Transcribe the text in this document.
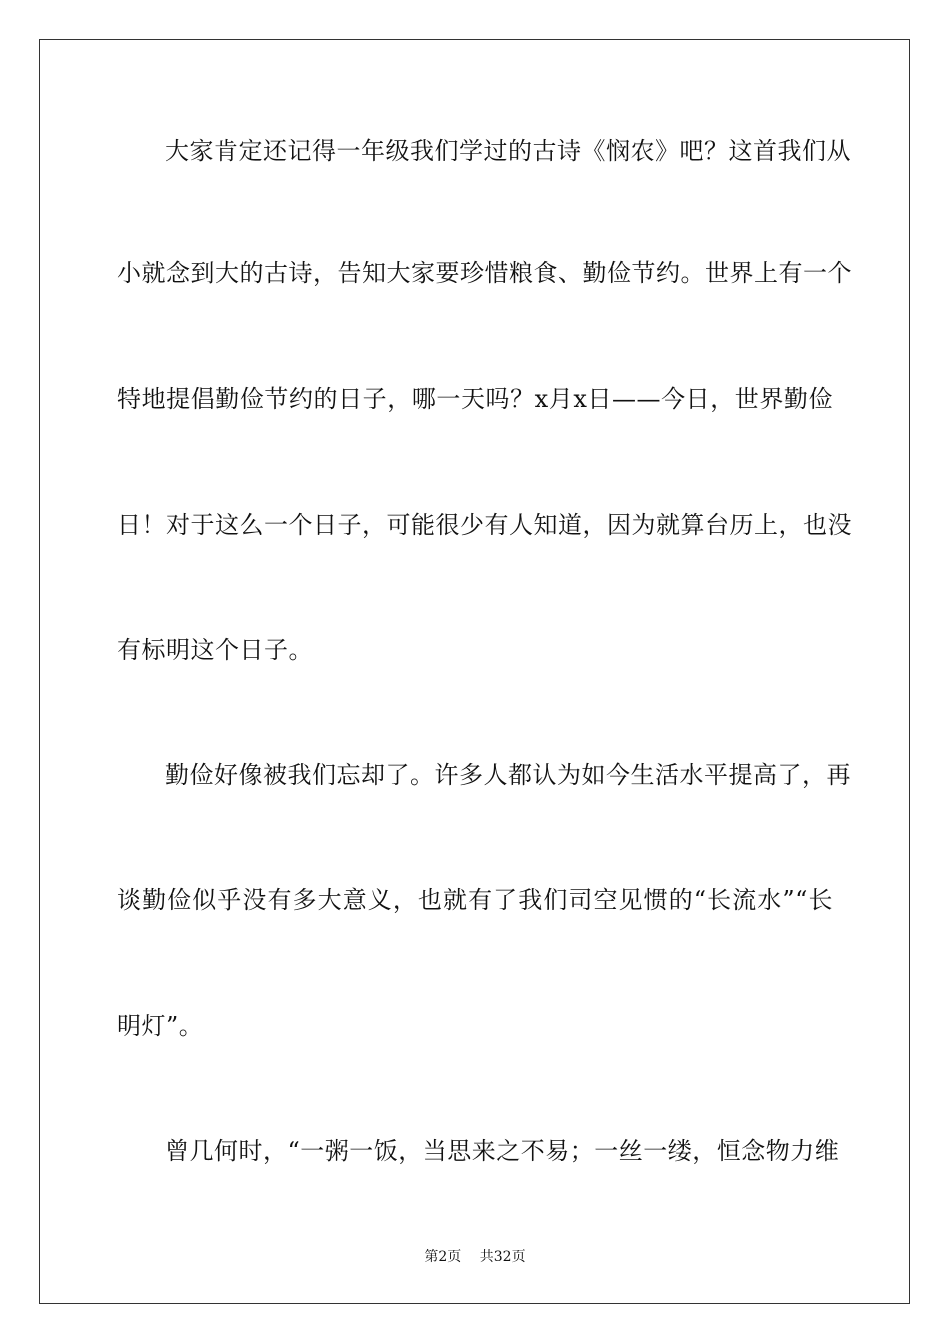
大家肯定还记得一年级我们学过的古诗《悯农》吧？这首我们从
小就念到大的古诗，告知大家要珍惜粮食、勤俭节约。世界上有一个
特地提倡勤俭节约的日子，哪一天吗？x月x日——今日，世界勤俭
日！对于这么一个日子，可能很少有人知道，因为就算台历上，也没
有标明这个日子。
勤俭好像被我们忘却了。许多人都认为如今生活水平提高了，再
谈勤俭似乎没有多大意义，也就有了我们司空见惯的“长流水”“长
明灯”。
曾几何时，“一粥一饭，当思来之不易；一丝一缕，恒念物力维
第2页 共32页
